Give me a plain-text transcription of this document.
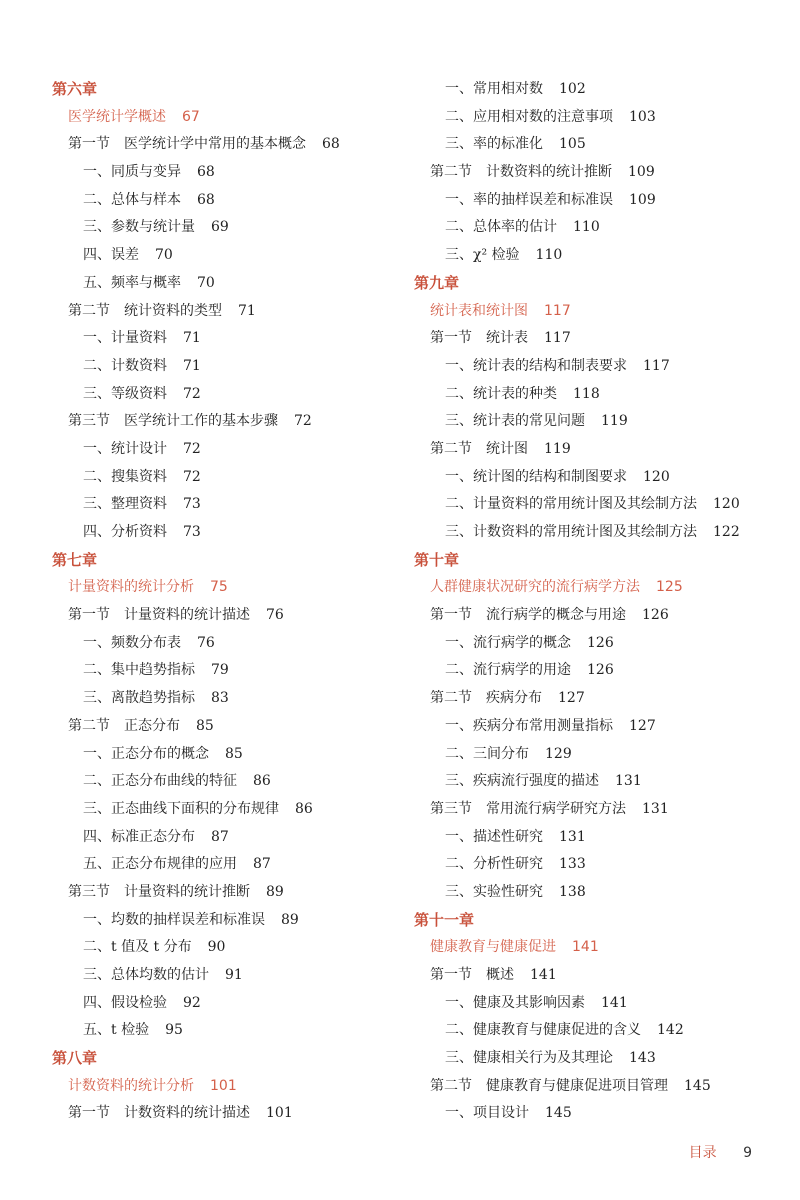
第六章
医学统计学概述 67
第一节　医学统计学中常用的基本概念 68
一、同质与变异 68
二、总体与样本 68
三、参数与统计量 69
四、误差 70
五、频率与概率 70
第二节　统计资料的类型 71
一、计量资料 71
二、计数资料 71
三、等级资料 72
第三节　医学统计工作的基本步骤 72
一、统计设计 72
二、搜集资料 72
三、整理资料 73
四、分析资料 73
第七章
计量资料的统计分析 75
第一节　计量资料的统计描述 76
一、频数分布表 76
二、集中趋势指标 79
三、离散趋势指标 83
第二节　正态分布 85
一、正态分布的概念 85
二、正态分布曲线的特征 86
三、正态曲线下面积的分布规律 86
四、标准正态分布 87
五、正态分布规律的应用 87
第三节　计量资料的统计推断 89
一、均数的抽样误差和标准误 89
二、t 值及 t 分布 90
三、总体均数的估计 91
四、假设检验 92
五、t 检验 95
第八章
计数资料的统计分析 101
第一节　计数资料的统计描述 101
一、常用相对数 102
二、应用相对数的注意事项 103
三、率的标准化 105
第二节　计数资料的统计推断 109
一、率的抽样误差和标准误 109
二、总体率的估计 110
三、χ² 检验 110
第九章
统计表和统计图 117
第一节　统计表 117
一、统计表的结构和制表要求 117
二、统计表的种类 118
三、统计表的常见问题 119
第二节　统计图 119
一、统计图的结构和制图要求 120
二、计量资料的常用统计图及其绘制方法 120
三、计数资料的常用统计图及其绘制方法 122
第十章
人群健康状况研究的流行病学方法 125
第一节　流行病学的概念与用途 126
一、流行病学的概念 126
二、流行病学的用途 126
第二节　疾病分布 127
一、疾病分布常用测量指标 127
二、三间分布 129
三、疾病流行强度的描述 131
第三节　常用流行病学研究方法 131
一、描述性研究 131
二、分析性研究 133
三、实验性研究 138
第十一章
健康教育与健康促进 141
第一节　概述 141
一、健康及其影响因素 141
二、健康教育与健康促进的含义 142
三、健康相关行为及其理论 143
第二节　健康教育与健康促进项目管理 145
一、项目设计 145
目录 9
